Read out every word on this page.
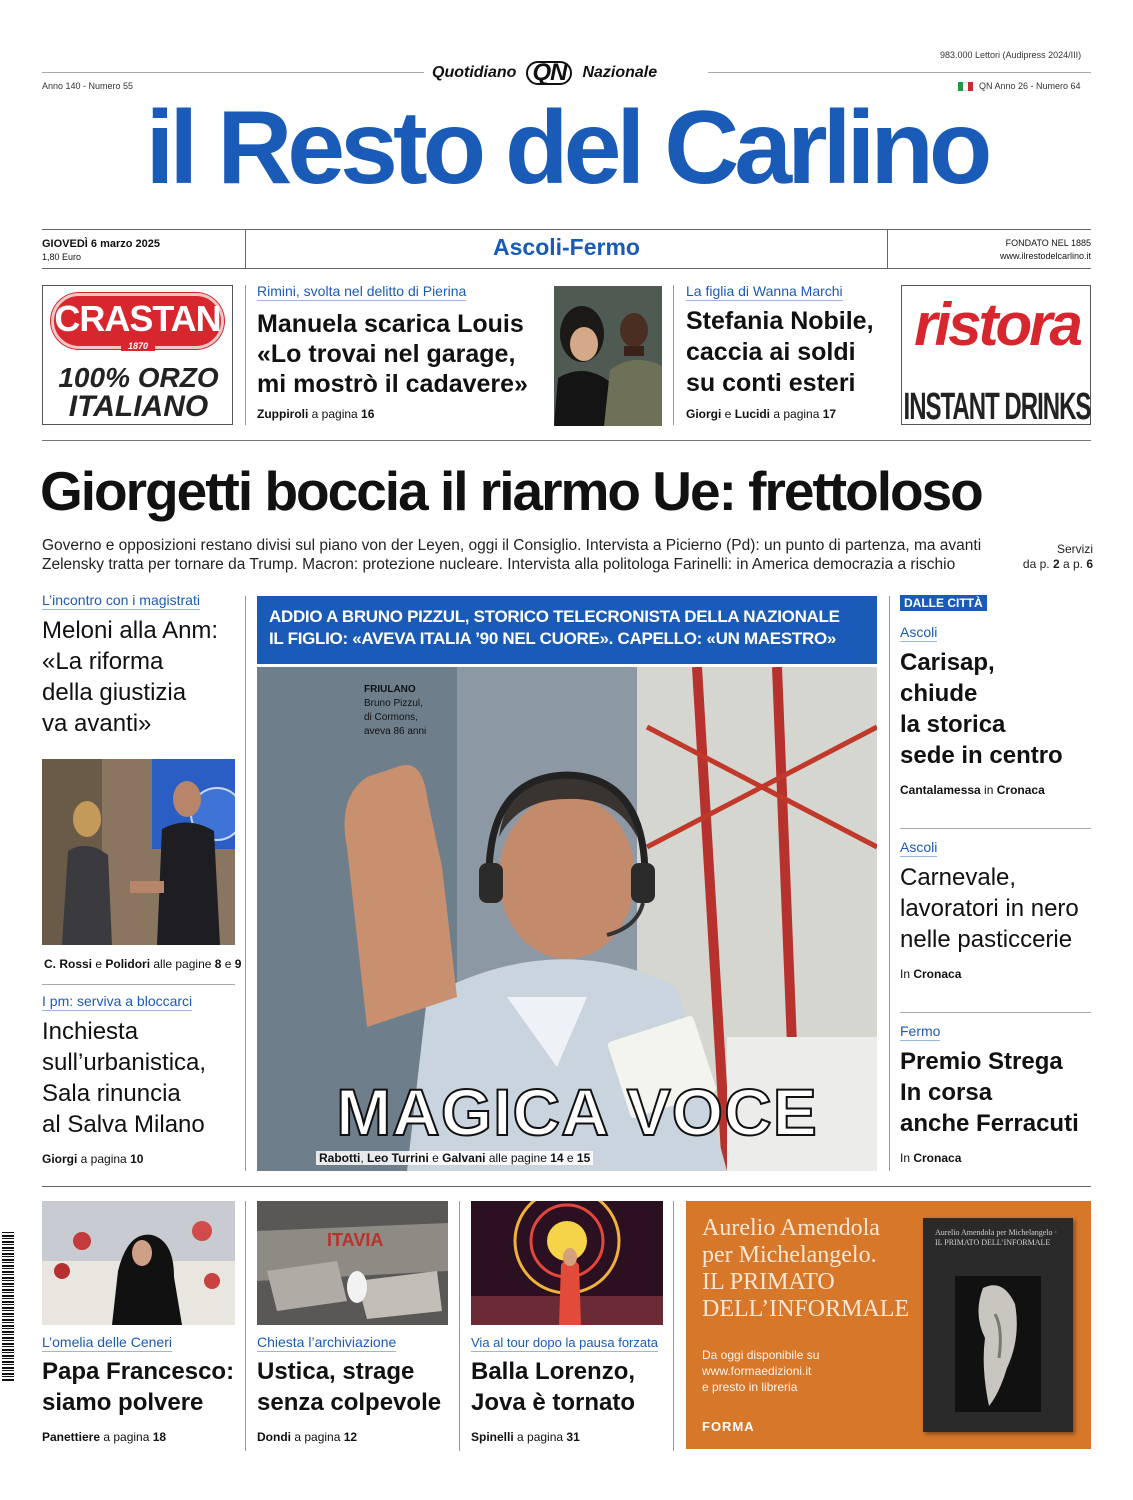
983.000 Lettori (Audipress 2024/III)
Anno 140 - Numero 55
Quotidiano QN	Nazionale
QN Anno 26 - Numero 64
il Resto del Carlino
GIOVEDÌ 6 marzo 2025
1,80 Euro	Ascoli-Fermo	FONDATO NEL 1885
www.ilrestodelcarlino.it
CRASTAN
1870
100% ORZO
ITALIANO
Rimini, svolta nel delitto di Pierina
Manuela scarica Louis
«Lo trovai nel garage,
mi mostrò il cadavere»
Zuppiroli a pagina 16
La figlia di Wanna Marchi
Stefania Nobile,
caccia ai soldi
su conti esteri
Giorgi e Lucidi a pagina 17
ristora
INSTANT DRINKS
Giorgetti boccia il riarmo Ue: frettoloso
Governo e opposizioni restano divisi sul piano von der Leyen, oggi il Consiglio. Intervista a Picierno (Pd): un punto di partenza, ma avanti
Zelensky tratta per tornare da Trump. Macron: protezione nucleare. Intervista alla politologa Farinelli: in America democrazia a rischio
Servizi
da p. 2 a p. 6
L’incontro con i magistrati
Meloni alla Anm:
«La riforma
della giustizia
va avanti»
C. Rossi e Polidori alle pagine 8 e 9
I pm: serviva a bloccarci
Inchiesta
sull’urbanistica,
Sala rinuncia
al Salva Milano
Giorgi a pagina 10
ADDIO A BRUNO PIZZUL, STORICO TELECRONISTA DELLA NAZIONALE
IL FIGLIO: «AVEVA ITALIA ’90 NEL CUORE». CAPELLO: «UN MAESTRO»
FRIULANO
Bruno Pizzul,
di Cormons,
aveva 86 anni
MAGICA VOCE
Rabotti, Leo Turrini e Galvani alle pagine 14 e 15
DALLE CITTÀ
Ascoli
Carisap,
chiude
la storica
sede in centro
Cantalamessa in Cronaca
Ascoli
Carnevale,
lavoratori in nero
nelle pasticcerie
In Cronaca
Fermo
Premio Strega
In corsa
anche Ferracuti
In Cronaca
ITAVIA
L’omelia delle Ceneri
Papa Francesco:
siamo polvere
Panettiere a pagina 18
Chiesta l’archiviazione
Ustica, strage
senza colpevole
Dondi a pagina 12
Via al tour dopo la pausa forzata
Balla Lorenzo,
Jova è tornato
Spinelli a pagina 31
Aurelio Amendola
per Michelangelo.
IL PRIMATO
DELL’INFORMALE
Da oggi disponibile su
www.formaedizioni.it
e presto in libreria
FORMA
Aurelio Amendola per Michelangelo · IL PRIMATO DELL’INFORMALE
